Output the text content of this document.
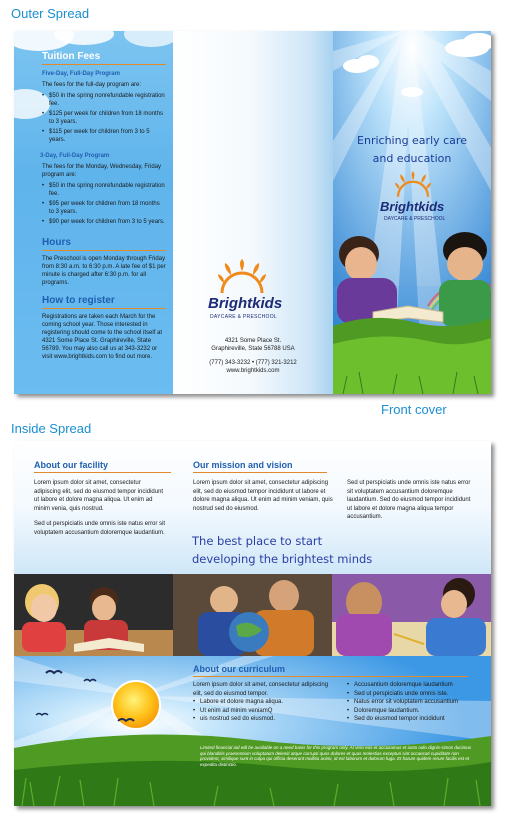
Outer Spread
Front cover
Inside Spread
Tuition Fees
Five-Day, Full-Day Program
The fees for the full-day program are:
• $50 in the spring nonrefundable registration fee.
• $125 per week for children from 18 months to 3 years.
• $115 per week for children from 3 to 5 years.
3-Day, Full-Day Program
The fees for the Monday, Wednesday, Friday program are:
• $50 in the spring nonrefundable registration fee.
• $95 per week for children from 18 months to 3 years.
• $90 per week for children from 3 to 5 years.
Hours
The Preschool is open Monday through Friday from 8:30 a.m. to 6:30 p.m. A late fee of $1 per minute is charged after 6:30 p.m. for all programs.
How to register
Registrations are taken each March for the coming school year. Those interested in registering should come to the school itself at 4321 Some Place St. Graphireville, State 56789. You may also call us at 343-3232 or visit www.brightkids.com to find out more.
Brightkids
DAYCARE & PRESCHOOL
4321 Some Place St.
Graphireville, State 56788 USA
(777) 343-3232 • (777) 321-3212
www.brightkids.com
Enriching early care
and education
Brightkids
DAYCARE & PRESCHOOL
About our facility
Lorem ipsum dolor sit amet, consectetur adipiscing elit, sed do eiusmod tempor incididunt ut labore et dolore magna aliqua. Ut enim ad minim venia, quis nostrud.
Sed ut perspiciatis unde omnis iste natus error sit voluptatem accusantium doloremque laudantium.
Our mission and vision
Lorem ipsum dolor sit amet, consectetur adipiscing elit, sed do eiusmod tempor incididunt ut labore et dolore magna aliqua. Ut enim ad minim veniam, quis nostrud sed do eiusmod.
Sed ut perspiciatis unde omnis iste natus error sit voluptatem accusantium doloremque laudantium. Sed do eiusmod tempor incididunt ut labore et dolore magna aliqua tempor accusantium.
The best place to start
developing the brightest minds
About our curriculum
Lorem ipsum dolor sit amet, consectetur adipiscing elit, sed do eiusmod tempor.
• Labore et dolore magna aliqua.
• Ut enim ad minim veniamQ
• uis nostrud sed do eiusmod.
• Accusantium doloremque laudantium
• Sed ut perspiciatis unde omnis iste.
• Natus error sit voluptatem accusantium
• Doloremque laudantium.
• Sed do eiusmod tempor incididunt
Limited financial aid will be available on a need basis for this program only. At vero eos et accusamus et iusto odio dignis-simos ducimus qui blanditiis praesentium voluptatum deleniti atque corrupti quos dolores et quas molestias excepturi sint occaecati cupiditate non provident, similique sunt in culpa qui officia deserunt mollitia animi, id est laborum et dolorum fuga. Et harum quidem rerum facilis est et expedita distinctio.
